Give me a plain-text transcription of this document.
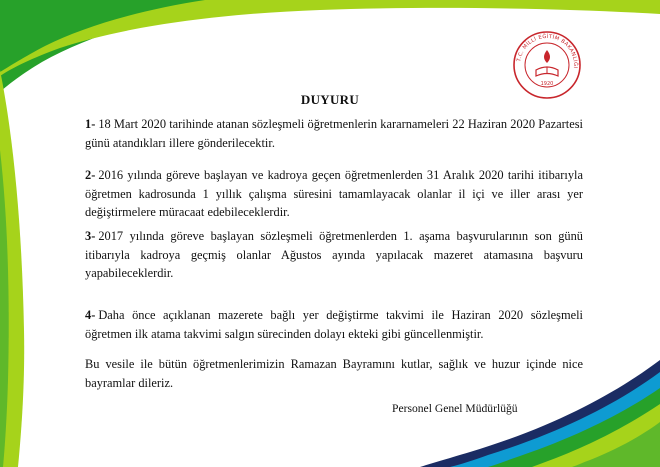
T.C. MİLLİ EĞİTİM BAKANLIĞI
1920
DUYURU
1- 18 Mart 2020 tarihinde atanan sözleşmeli öğretmenlerin kararnameleri 22 Haziran 2020 Pazartesi günü atandıkları illere gönderilecektir.
2- 2016 yılında göreve başlayan ve kadroya geçen öğretmenlerden 31 Aralık 2020 tarihi itibarıyla öğretmen kadrosunda 1 yıllık çalışma süresini tamamlayacak olanlar il içi ve iller arası yer değiştirmelere müracaat edebileceklerdir.
3- 2017 yılında göreve başlayan sözleşmeli öğretmenlerden 1. aşama başvurularının son günü itibarıyla kadroya geçmiş olanlar Ağustos ayında yapılacak mazeret atamasına başvuru yapabileceklerdir.
4- Daha önce açıklanan mazerete bağlı yer değiştirme takvimi ile Haziran 2020 sözleşmeli öğretmen ilk atama takvimi salgın sürecinden dolayı ekteki gibi güncellenmiştir.
Bu vesile ile bütün öğretmenlerimizin Ramazan Bayramını kutlar, sağlık ve huzur içinde nice bayramlar dileriz.
Personel Genel Müdürlüğü
